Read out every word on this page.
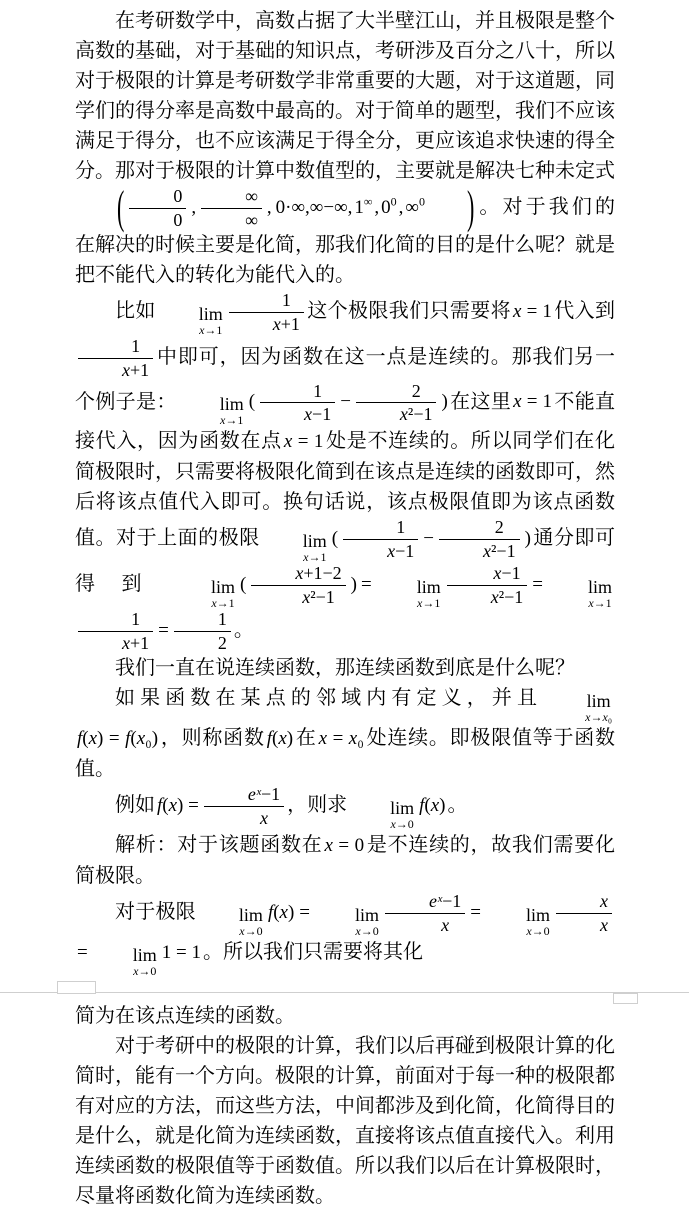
在考研数学中，高数占据了大半壁江山，并且极限是整个高数的基础，对于基础的知识点，考研涉及百分之八十，所以对于极限的计算是考研数学非常重要的大题，对于这道题，同学们的得分率是高数中最高的。对于简单的题型，我们不应该满足于得分，也不应该满足于得全分，更应该追求快速的得全分。那对于极限的计算中数值型的，主要就是解决七种未定式( $\frac{0}{0}$ , $\frac{\infty}{\infty}$ , 0·∞,∞−∞, 1∞ , $0^0$ , ∞$^0$ ) 。对于我们的在解决的时候主要是化简，那我们化简的目的是什么呢？就是把不能代入的转化为能代入的。

比如	lim
$x\to 1 \frac{1}{x+1}$ 这个极限我们只需要将 x = 1 代入到
$\frac{1}{x+1}$ 中即可，因为函数在这一点是连续的。那我们另一个例子是：	lim
x→1
( $\frac{1}{x-1} - \frac{2}{\text{x²−1}}$ ) 在这里 x = 1 不能直接代入，因为函数在点 x = 1 处是不连续的。所以同学们在化简极限时，只需要将极限化简到在该点是连续的函数即可，然后将该点值代入即可。换句话说，该点极限值即为该点函数值。对于上面的极限	lim
x→1
( $\frac{1}{x-1} - \frac{2}{\text{x²−1}}$ ) 通分即可得到	lim
x→1
( $\frac{x+1-2}{\text{x²−1}}$ ) =	lim
$x\to 1 \frac{x-1}{\text{x²−1}}$ =	lim
x→1
$\frac{1}{x+1} = \frac{1}{2}$ 。

我们一直在说连续函数，那连续函数到底是什么呢？

如果函数在某点的邻域内有定义，并且	lim
x→x₀
f(x) = f(x₀) ，则称函数 f(x) 在 x = x₀ 处连续。即极限值等于函数值。

例如 $f(x) = \frac{\text{eˣ−1}}{x}$ ，则求	lim
x→0
f(x) 。

解析：对于该题函数在 x = 0 是不连续的，故我们需要化简极限。

对于极限	lim
x→0
f(x) =	lim
$x\to 0 \frac{\text{eˣ−1}}{x}$ =	lim
$x\to 0 \frac{x}{x}$
=	lim
x→0
1 = 1 。所以我们只需要将其化

简为在该点连续的函数。

对于考研中的极限的计算，我们以后再碰到极限计算的化简时，能有一个方向。极限的计算，前面对于每一种的极限都有对应的方法，而这些方法，中间都涉及到化简，化简得目的是什么，就是化简为连续函数，直接将该点值直接代入。利用连续函数的极限值等于函数值。所以我们以后在计算极限时，尽量将函数化简为连续函数。
